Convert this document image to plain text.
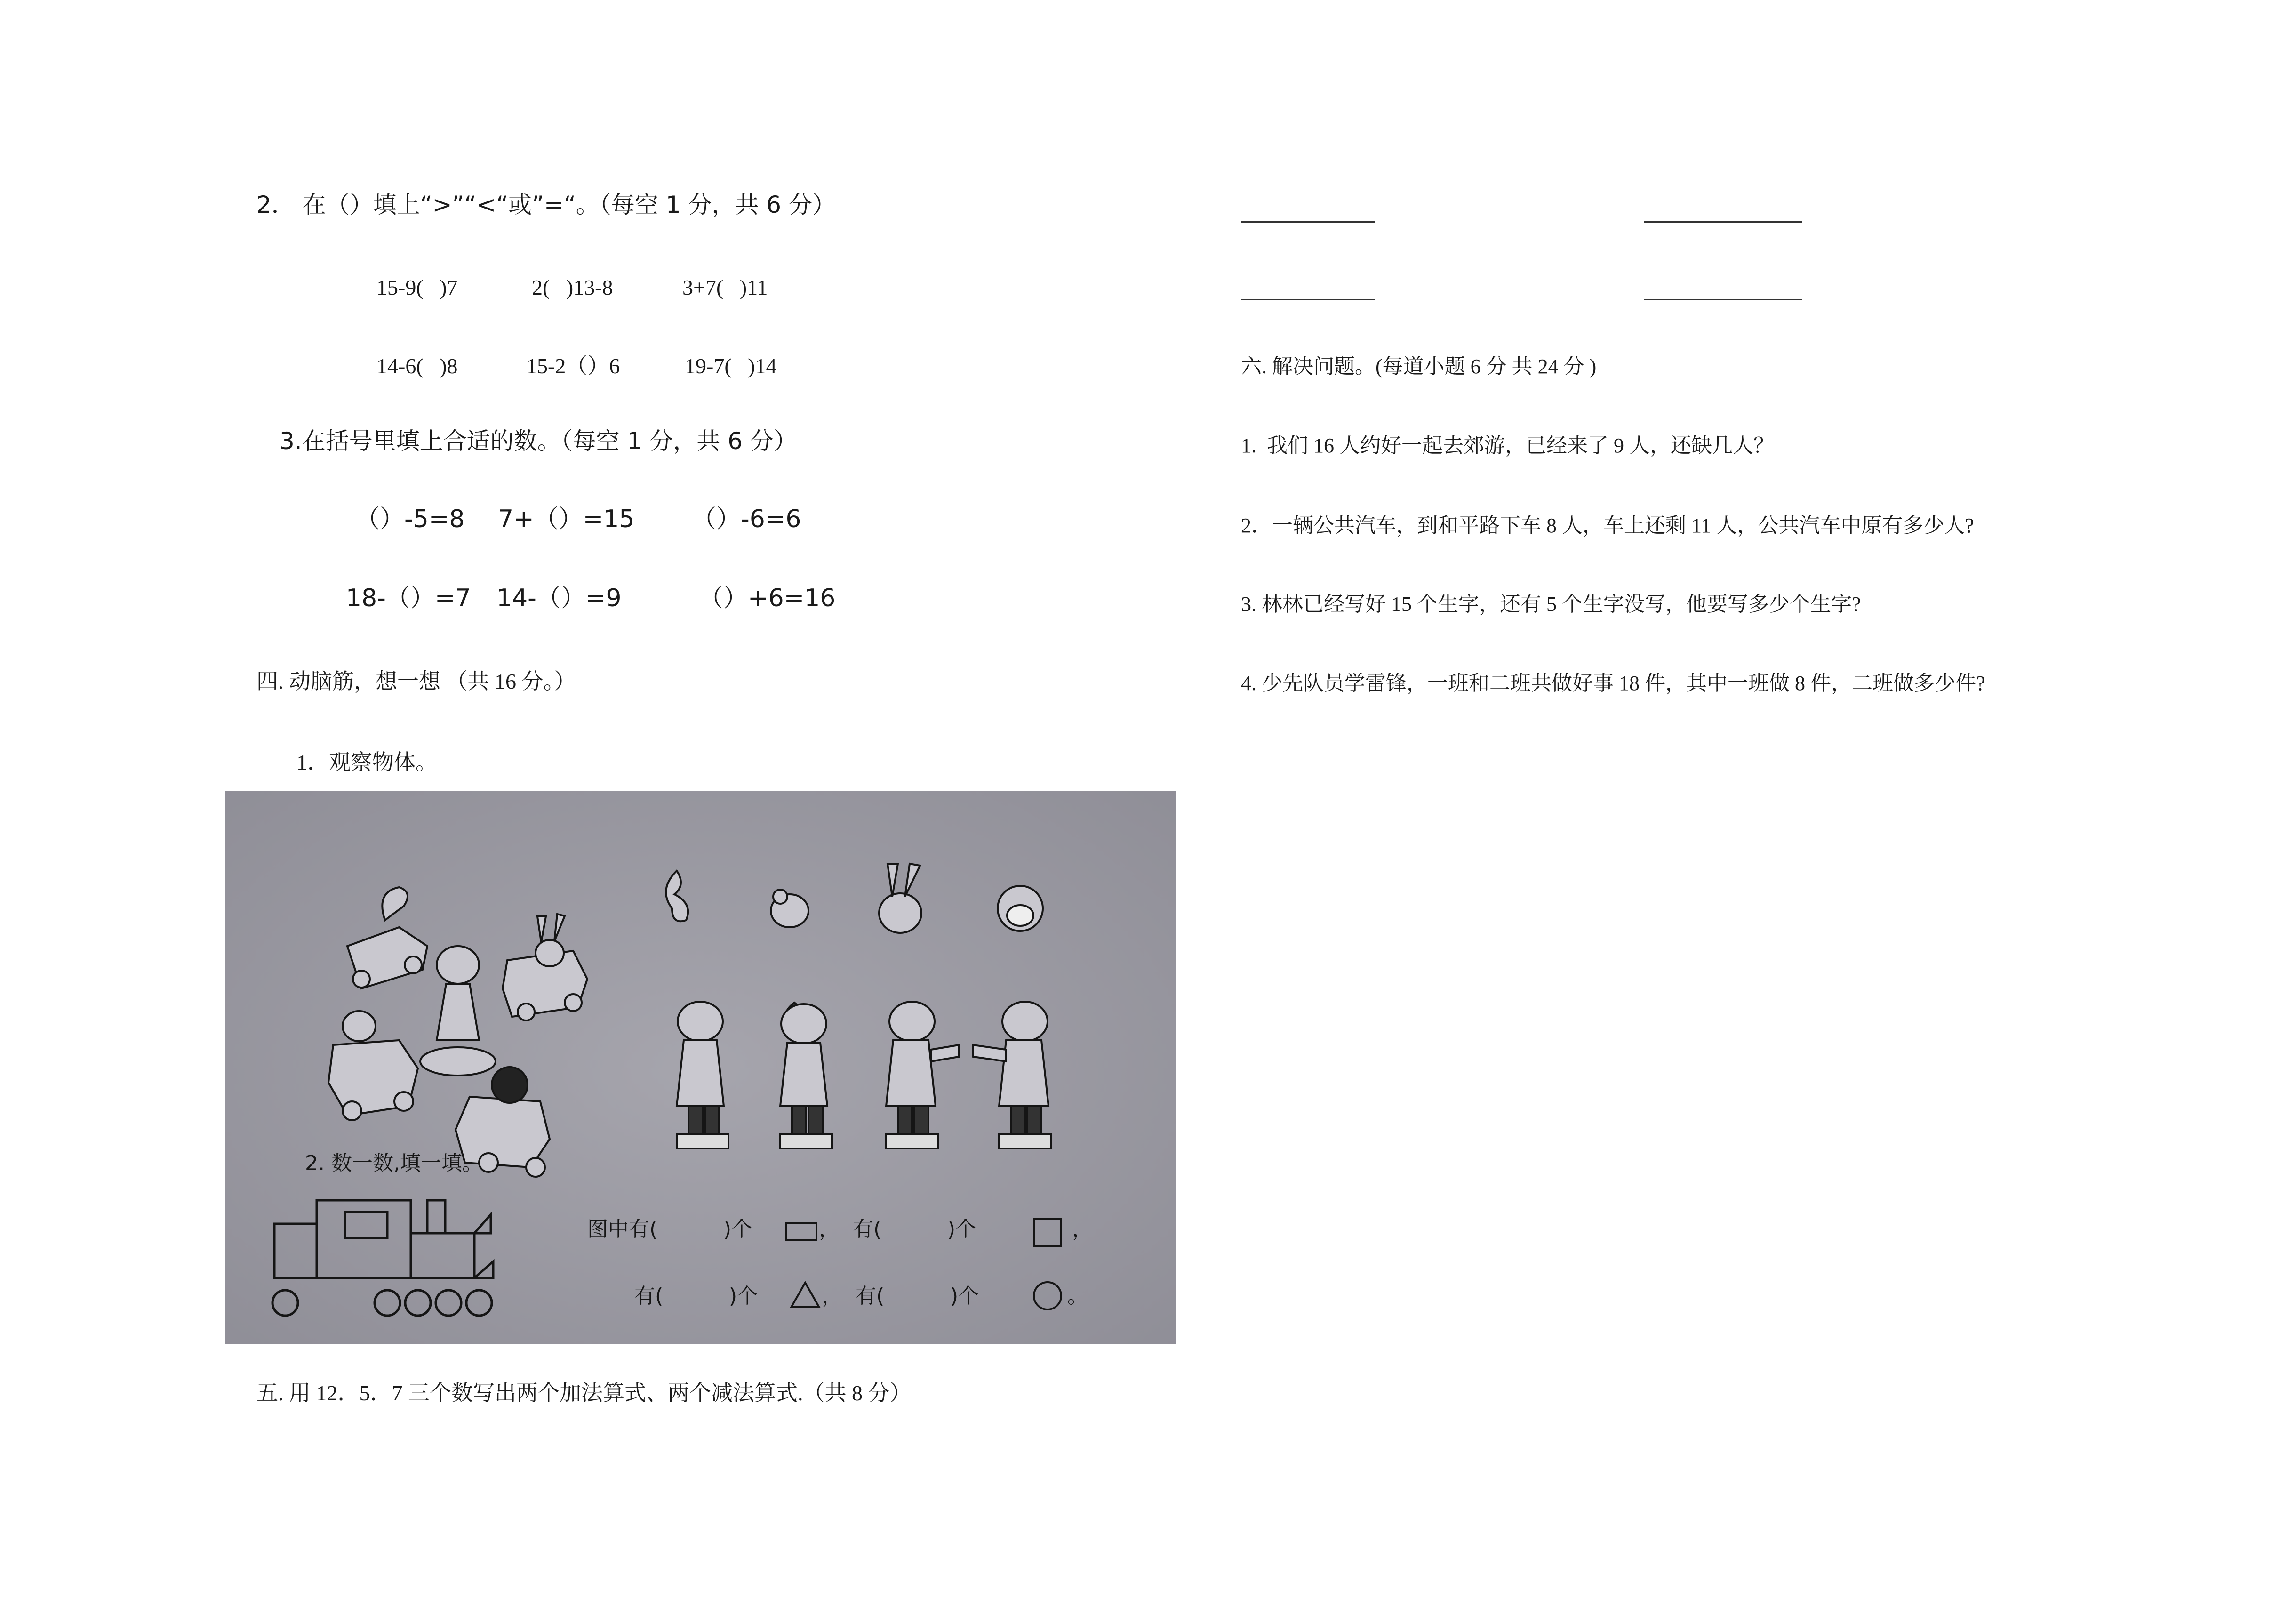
2． 在（）填上“>”“<“或”=“。（每空 1 分，共 6 分）
15-9(   )7	2(   )13-8	3+7(   )11
14-6(   )8	15-2（）6	19-7(   )14
3.在括号里填上合适的数。（每空 1 分，共 6 分）
（）-5=8 7+（）=15 （）-6=6
18-（）=7 14-（）=9	（）+6=16
四. 动脑筋，想一想 （共 16 分。）
1．观察物体。
2. 数一数,填一填。
图中有(          )个	，  有(          )个	，
有(          )个	，  有(          )个	。
五. 用 12．5．7 三个数写出两个加法算式、两个减法算式.（共 8 分）
六. 解决问题。(每道小题 6 分 共 24 分 )
1.  我们 16 人约好一起去郊游，已经来了 9 人，还缺几人？
2．一辆公共汽车，到和平路下车 8 人，车上还剩 11 人，公共汽车中原有多少人?
3. 林林已经写好 15 个生字，还有 5 个生字没写，他要写多少个生字?
4. 少先队员学雷锋，一班和二班共做好事 18 件，其中一班做 8 件，二班做多少件?
